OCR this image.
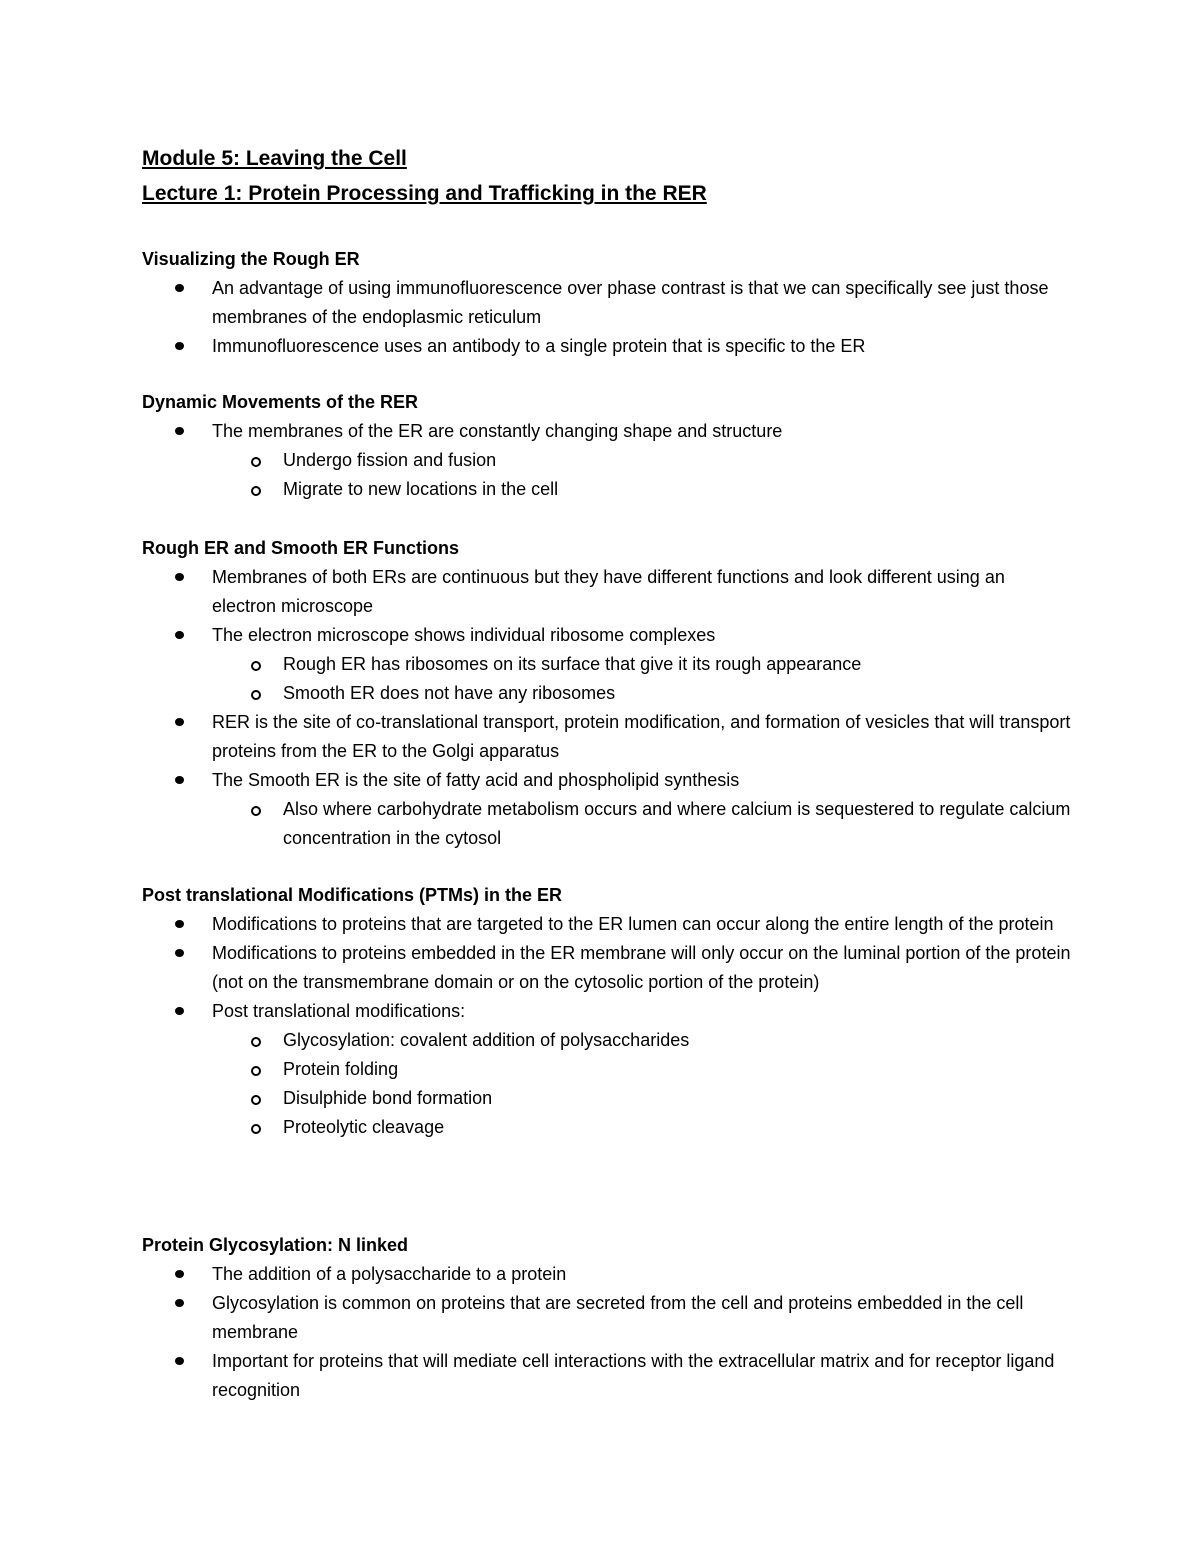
Module 5: Leaving the Cell
Lecture 1: Protein Processing and Trafficking in the RER
Visualizing the Rough ER
An advantage of using immunofluorescence over phase contrast is that we can specifically see just those membranes of the endoplasmic reticulum
Immunofluorescence uses an antibody to a single protein that is specific to the ER
Dynamic Movements of the RER
The membranes of the ER are constantly changing shape and structure
Undergo fission and fusion
Migrate to new locations in the cell
Rough ER and Smooth ER Functions
Membranes of both ERs are continuous but they have different functions and look different using an electron microscope
The electron microscope shows individual ribosome complexes
Rough ER has ribosomes on its surface that give it its rough appearance
Smooth ER does not have any ribosomes
RER is the site of co-translational transport, protein modification, and formation of vesicles that will transport proteins from the ER to the Golgi apparatus
The Smooth ER is the site of fatty acid and phospholipid synthesis
Also where carbohydrate metabolism occurs and where calcium is sequestered to regulate calcium concentration in the cytosol
Post translational Modifications (PTMs) in the ER
Modifications to proteins that are targeted to the ER lumen can occur along the entire length of the protein
Modifications to proteins embedded in the ER membrane will only occur on the luminal portion of the protein (not on the transmembrane domain or on the cytosolic portion of the protein)
Post translational modifications:
Glycosylation: covalent addition of polysaccharides
Protein folding
Disulphide bond formation
Proteolytic cleavage
Protein Glycosylation: N linked
The addition of a polysaccharide to a protein
Glycosylation is common on proteins that are secreted from the cell and proteins embedded in the cell membrane
Important for proteins that will mediate cell interactions with the extracellular matrix and for receptor ligand recognition
